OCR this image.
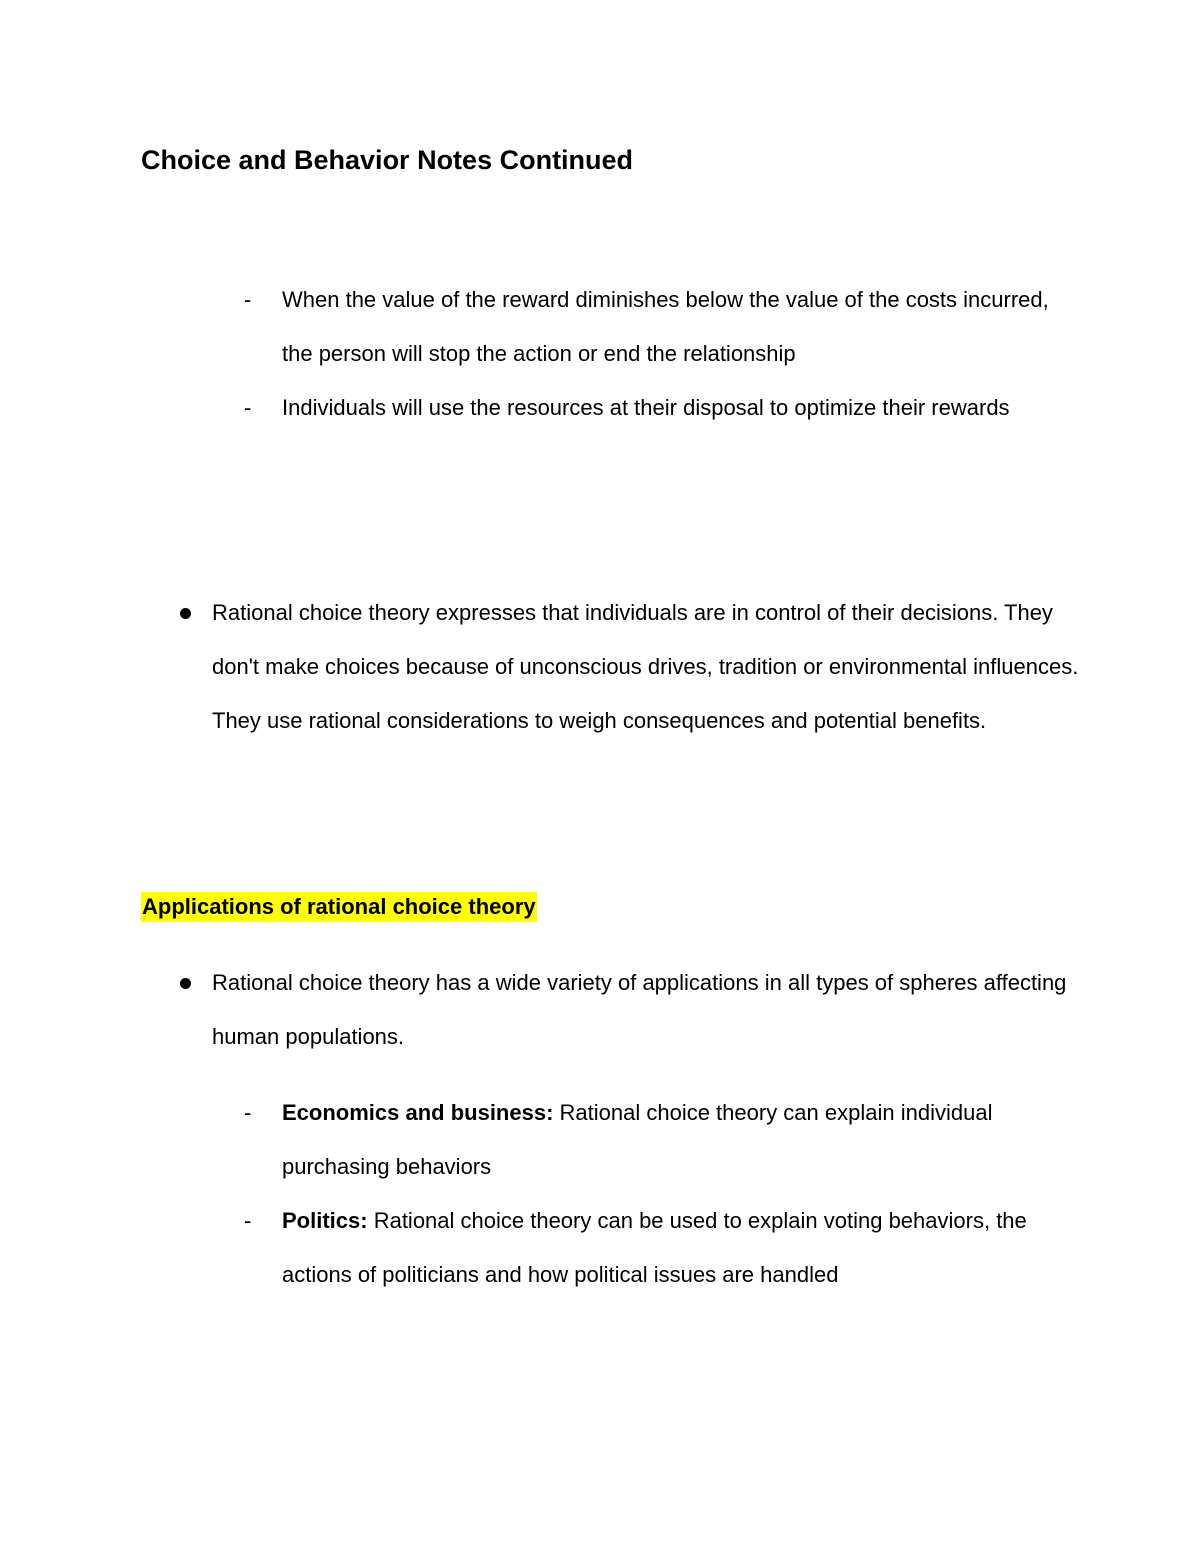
Choice and Behavior Notes Continued
- When the value of the reward diminishes below the value of the costs incurred, the person will stop the action or end the relationship
- Individuals will use the resources at their disposal to optimize their rewards
Rational choice theory expresses that individuals are in control of their decisions. They don't make choices because of unconscious drives, tradition or environmental influences. They use rational considerations to weigh consequences and potential benefits.
Applications of rational choice theory
Rational choice theory has a wide variety of applications in all types of spheres affecting human populations.
- Economics and business: Rational choice theory can explain individual purchasing behaviors
- Politics: Rational choice theory can be used to explain voting behaviors, the actions of politicians and how political issues are handled
